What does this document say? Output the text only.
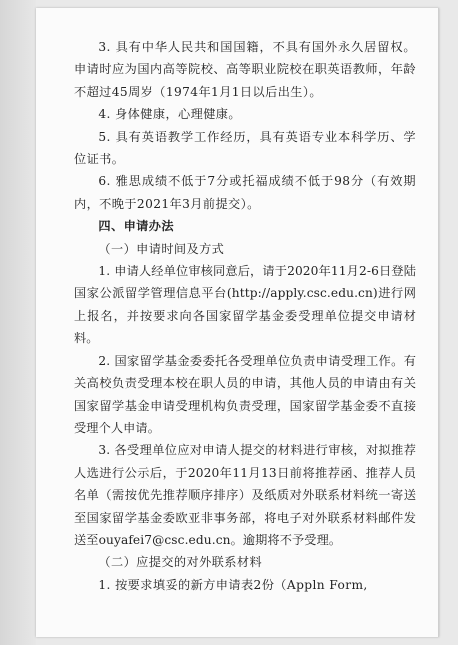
3. 具有中华人民共和国国籍，不具有国外永久居留权。申请时应为国内高等院校、高等职业院校在职英语教师，年龄不超过45周岁（1974年1月1日以后出生）。

4. 身体健康，心理健康。

5. 具有英语教学工作经历，具有英语专业本科学历、学位证书。

6. 雅思成绩不低于7分或托福成绩不低于98分（有效期内，不晚于2021年3月前提交）。

四、申请办法

（一）申请时间及方式

1. 申请人经单位审核同意后，请于2020年11月2-6日登陆国家公派留学管理信息平台(http://apply.csc.edu.cn)进行网上报名，并按要求向各国家留学基金委受理单位提交申请材料。

2. 国家留学基金委委托各受理单位负责申请受理工作。有关高校负责受理本校在职人员的申请，其他人员的申请由有关国家留学基金申请受理机构负责受理，国家留学基金委不直接受理个人申请。

3. 各受理单位应对申请人提交的材料进行审核，对拟推荐人选进行公示后，于2020年11月13日前将推荐函、推荐人员名单（需按优先推荐顺序排序）及纸质对外联系材料统一寄送至国家留学基金委欧亚非事务部，将电子对外联系材料邮件发送至ouyafei7@csc.edu.cn。逾期将不予受理。

（二）应提交的对外联系材料

1. 按要求填妥的新方申请表2份（Appln Form,
